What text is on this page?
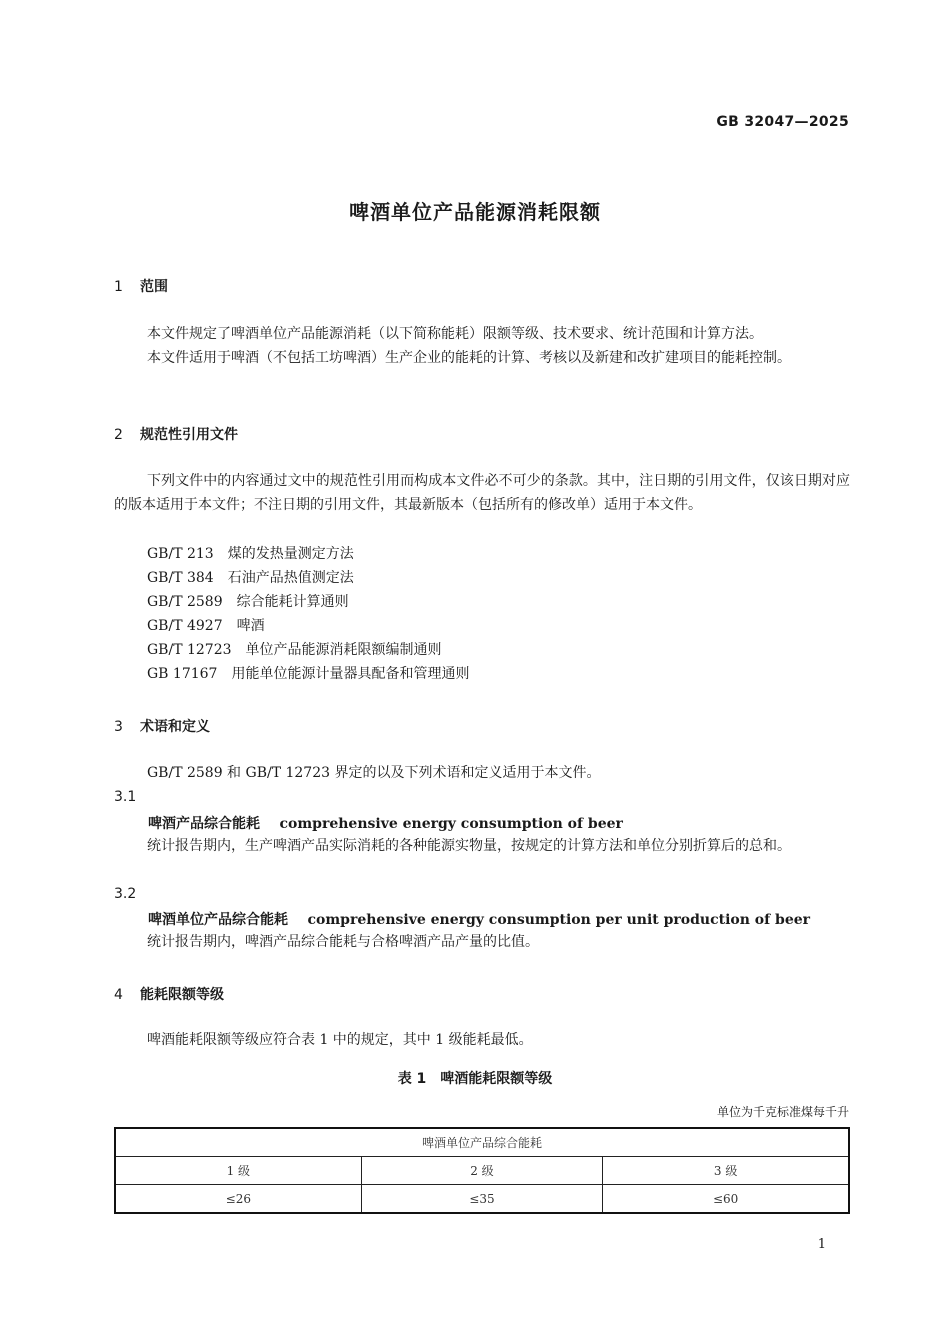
GB 32047—2025
啤酒单位产品能源消耗限额
1 范围
本文件规定了啤酒单位产品能源消耗（以下简称能耗）限额等级、技术要求、统计范围和计算方法。
本文件适用于啤酒（不包括工坊啤酒）生产企业的能耗的计算、考核以及新建和改扩建项目的能耗控制。
2 规范性引用文件
下列文件中的内容通过文中的规范性引用而构成本文件必不可少的条款。其中，注日期的引用文件，仅该日期对应的版本适用于本文件；不注日期的引用文件，其最新版本（包括所有的修改单）适用于本文件。
GB/T 213　煤的发热量测定方法
GB/T 384　石油产品热值测定法
GB/T 2589　综合能耗计算通则
GB/T 4927　啤酒
GB/T 12723　单位产品能源消耗限额编制通则
GB 17167　用能单位能源计量器具配备和管理通则
3 术语和定义
GB/T 2589 和 GB/T 12723 界定的以及下列术语和定义适用于本文件。
3.1
啤酒产品综合能耗 comprehensive energy consumption of beer
统计报告期内，生产啤酒产品实际消耗的各种能源实物量，按规定的计算方法和单位分别折算后的总和。
3.2
啤酒单位产品综合能耗 comprehensive energy consumption per unit production of beer
统计报告期内，啤酒产品综合能耗与合格啤酒产品产量的比值。
4 能耗限额等级
啤酒能耗限额等级应符合表 1 中的规定，其中 1 级能耗最低。
表 1　啤酒能耗限额等级
单位为千克标准煤每千升
啤酒单位产品综合能耗		
1 级	2 级	3 级
≤26	≤35	≤60
1
